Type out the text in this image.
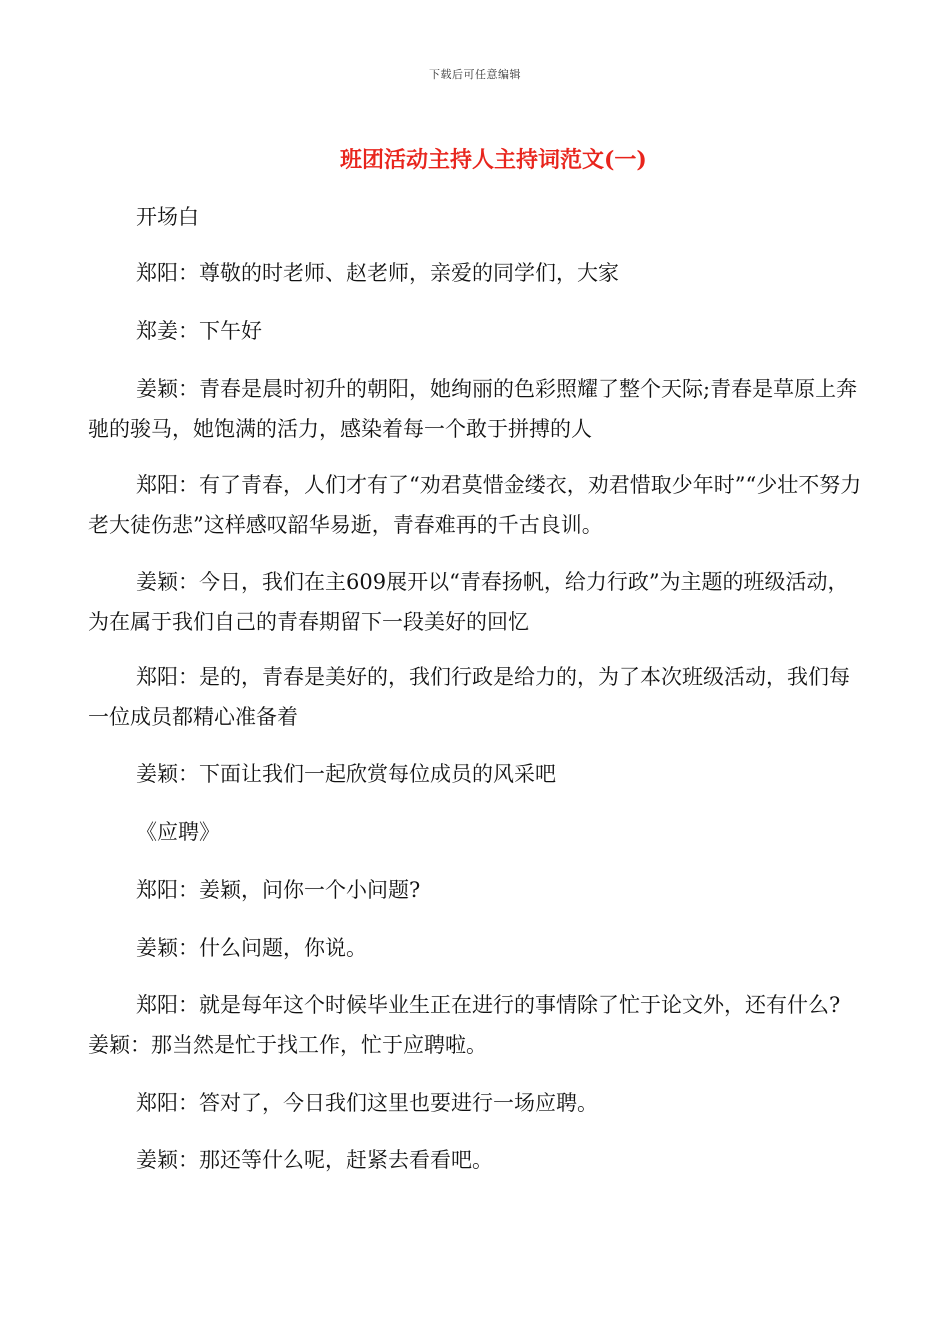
下载后可任意编辑
班团活动主持人主持词范文(一)

开场白

郑阳：尊敬的时老师、赵老师，亲爱的同学们，大家

郑姜：下午好

姜颖：青春是晨时初升的朝阳，她绚丽的色彩照耀了整个天际;青春是草原上奔驰的骏马，她饱满的活力，感染着每一个敢于拼搏的人

郑阳：有了青春，人们才有了“劝君莫惜金缕衣，劝君惜取少年时”“少壮不努力老大徒伤悲”这样感叹韶华易逝，青春难再的千古良训。

姜颖：今日，我们在主609展开以“青春扬帆，给力行政”为主题的班级活动，为在属于我们自己的青春期留下一段美好的回忆

郑阳：是的，青春是美好的，我们行政是给力的，为了本次班级活动，我们每一位成员都精心准备着

姜颖：下面让我们一起欣赏每位成员的风采吧

《应聘》

郑阳：姜颖，问你一个小问题?

姜颖：什么问题，你说。

郑阳：就是每年这个时候毕业生正在进行的事情除了忙于论文外，还有什么? 姜颖：那当然是忙于找工作，忙于应聘啦。

郑阳：答对了，今日我们这里也要进行一场应聘。

姜颖：那还等什么呢，赶紧去看看吧。
